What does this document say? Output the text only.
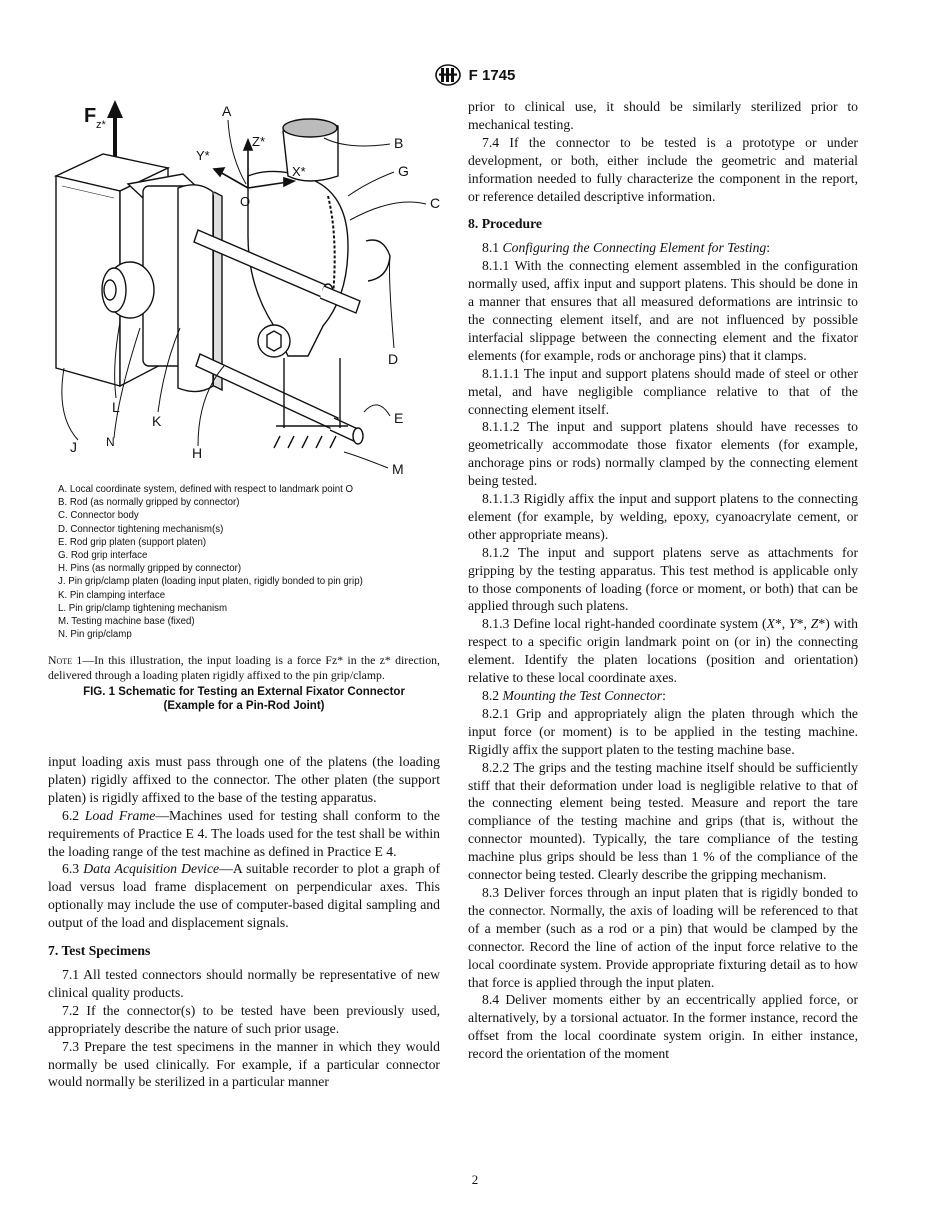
F 1745
F z*
Z*
X*
Y*
O
A
B
G
C
D
E
M
L
K
N
J	H
A. Local coordinate system, defined with respect to landmark point O
B. Rod (as normally gripped by connector)
C. Connector body
D. Connector tightening mechanism(s)
E. Rod grip platen (support platen)
G. Rod grip interface
H. Pins (as normally gripped by connector)
J. Pin grip/clamp platen (loading input platen, rigidly bonded to pin grip)
K. Pin clamping interface
L. Pin grip/clamp tightening mechanism
M. Testing machine base (fixed)
N. Pin grip/clamp
Note 1—In this illustration, the input loading is a force Fz* in the z* direction, delivered through a loading platen rigidly affixed to the pin grip/clamp.
FIG. 1 Schematic for Testing an External Fixator Connector
(Example for a Pin-Rod Joint)

input loading axis must pass through one of the platens (the loading platen) rigidly affixed to the connector. The other platen (the support platen) is rigidly affixed to the base of the testing apparatus.

6.2 Load Frame—Machines used for testing shall conform to the requirements of Practice E 4. The loads used for the test shall be within the loading range of the test machine as defined in Practice E 4.

6.3 Data Acquisition Device—A suitable recorder to plot a graph of load versus load frame displacement on perpendicular axes. This optionally may include the use of computer-based digital sampling and output of the load and displacement signals.

7. Test Specimens

7.1 All tested connectors should normally be representative of new clinical quality products.

7.2 If the connector(s) to be tested have been previously used, appropriately describe the nature of such prior usage.

7.3 Prepare the test specimens in the manner in which they would normally be used clinically. For example, if a particular connector would normally be sterilized in a particular manner

prior to clinical use, it should be similarly sterilized prior to mechanical testing.

7.4 If the connector to be tested is a prototype or under development, or both, either include the geometric and material information needed to fully characterize the component in the report, or reference detailed descriptive information.

8. Procedure

8.1 Configuring the Connecting Element for Testing:

8.1.1 With the connecting element assembled in the configuration normally used, affix input and support platens. This should be done in a manner that ensures that all measured deformations are intrinsic to the connecting element itself, and are not influenced by possible interfacial slippage between the connecting element and the fixator elements (for example, rods or anchorage pins) that it clamps.

8.1.1.1 The input and support platens should made of steel or other metal, and have negligible compliance relative to that of the connecting element itself.

8.1.1.2 The input and support platens should have recesses to geometrically accommodate those fixator elements (for example, anchorage pins or rods) normally clamped by the connecting element being tested.

8.1.1.3 Rigidly affix the input and support platens to the connecting element (for example, by welding, epoxy, cyanoacrylate cement, or other appropriate means).

8.1.2 The input and support platens serve as attachments for gripping by the testing apparatus. This test method is applicable only to those components of loading (force or moment, or both) that can be applied through such platens.

8.1.3 Define local right-handed coordinate system (X*, Y*, Z*) with respect to a specific origin landmark point on (or in) the connecting element. Identify the platen locations (position and orientation) relative to these local coordinate axes.

8.2 Mounting the Test Connector:

8.2.1 Grip and appropriately align the platen through which the input force (or moment) is to be applied in the testing machine. Rigidly affix the support platen to the testing machine base.

8.2.2 The grips and the testing machine itself should be sufficiently stiff that their deformation under load is negligible relative to that of the connecting element being tested. Measure and report the tare compliance of the testing machine and grips (that is, without the connector mounted). Typically, the tare compliance of the testing machine plus grips should be less than 1 % of the compliance of the connector being tested. Clearly describe the gripping mechanism.

8.3 Deliver forces through an input platen that is rigidly bonded to the connector. Normally, the axis of loading will be referenced to that of a member (such as a rod or a pin) that would be clamped by the connector. Record the line of action of the input force relative to the local coordinate system. Provide appropriate fixturing detail as to how that force is applied through the input platen.

8.4 Deliver moments either by an eccentrically applied force, or alternatively, by a torsional actuator. In the former instance, record the offset from the local coordinate system origin. In either instance, record the orientation of the moment

2
